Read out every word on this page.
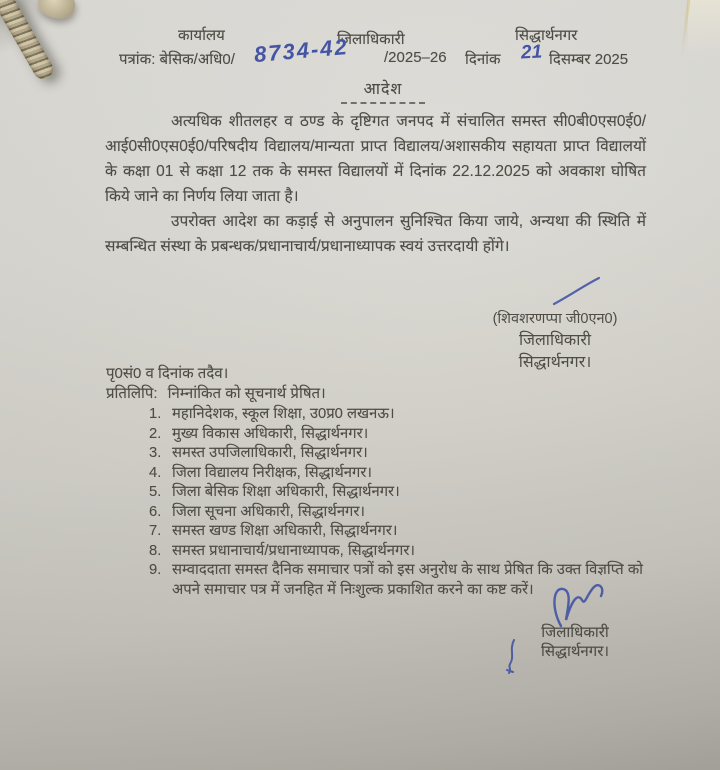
कार्यालय	जिलाधिकारी	सिद्धार्थनगर
पत्रांक: बेसिक/अधि0/ 8734-42 /2025–26 दिनांक 21 दिसम्बर 2025
आदेश

अत्यधिक शीतलहर व ठण्ड के दृष्टिगत जनपद में संचालित समस्त सी0बी0एस0ई0/आई0सी0एस0ई0/परिषदीय विद्यालय/मान्यता प्राप्त विद्यालय/अशासकीय सहायता प्राप्त विद्यालयों के कक्षा 01 से कक्षा 12 तक के समस्त विद्यालयों में दिनांक 22.12.2025 को अवकाश घोषित किये जाने का निर्णय लिया जाता है।

उपरोक्त आदेश का कड़ाई से अनुपालन सुनिश्चित किया जाये, अन्यथा की स्थिति में सम्बन्धित संस्था के प्रबन्धक/प्रधानाचार्य/प्रधानाध्यापक स्वयं उत्तरदायी होंगे।

(शिवशरणप्पा जी0एन0)
जिलाधिकारी
सिद्धार्थनगर।
पृ0सं0 व दिनांक तदैव।
प्रतिलिपि: निम्नांकित को सूचनार्थ प्रेषित।
1. महानिदेशक, स्कूल शिक्षा, उ0प्र0 लखनऊ।
2. मुख्य विकास अधिकारी, सिद्धार्थनगर।
3. समस्त उपजिलाधिकारी, सिद्धार्थनगर।
4. जिला विद्यालय निरीक्षक, सिद्धार्थनगर।
5. जिला बेसिक शिक्षा अधिकारी, सिद्धार्थनगर।
6. जिला सूचना अधिकारी, सिद्धार्थनगर।
7. समस्त खण्ड शिक्षा अधिकारी, सिद्धार्थनगर।
8. समस्त प्रधानाचार्य/प्रधानाध्यापक, सिद्धार्थनगर।
9. सम्वाददाता समस्त दैनिक समाचार पत्रों को इस अनुरोध के साथ प्रेषित कि उक्त विज्ञप्ति को अपने समाचार पत्र में जनहित में निःशुल्क प्रकाशित करने का कष्ट करें।
जिलाधिकारी
सिद्धार्थनगर।
